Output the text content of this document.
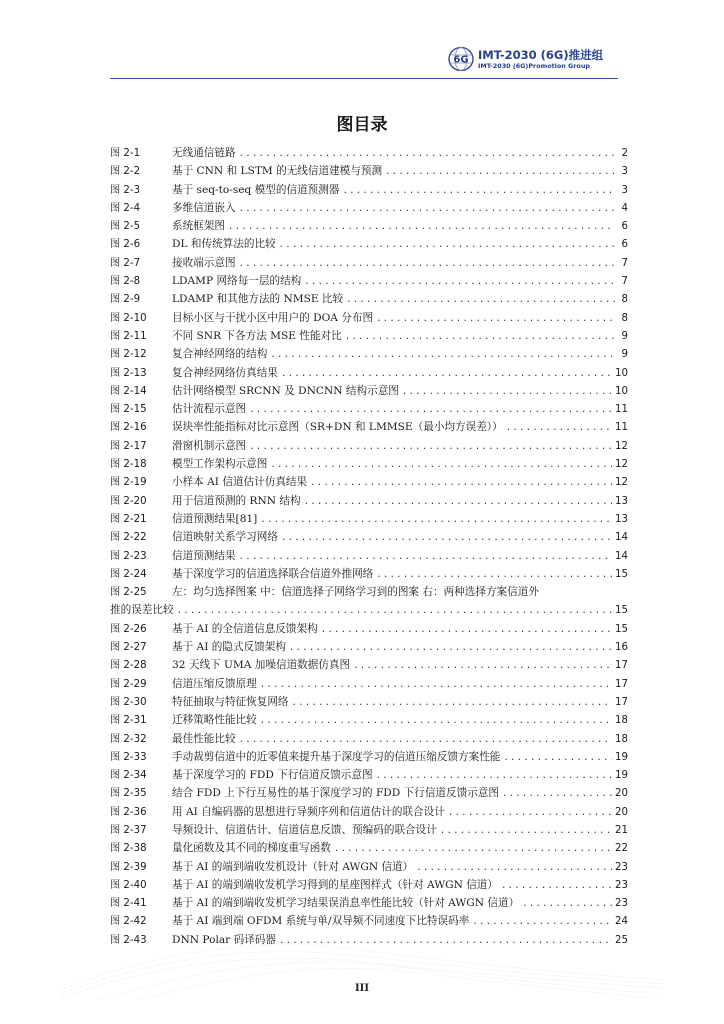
6G IMT-2030 (6G)推进组
IMT-2030 (6G)Promotion Group
图目录
图 2-1	无线通信链路 . . .	2
图 2-2	基于 CNN 和 LSTM 的无线信道建模与预测 . . .	3
图 2-3	基于 seq-to-seq 模型的信道预测器 . . .	3
图 2-4	多维信道嵌入 . . .	4
图 2-5	系统框架图 . . .	6
图 2-6	DL 和传统算法的比较 . . .	6
图 2-7	接收端示意图 . . .	7
图 2-8	LDAMP 网络每一层的结构 . . .	7
图 2-9	LDAMP 和其他方法的 NMSE 比较 . . .	8
图 2-10	目标小区与干扰小区中用户的 DOA 分布图 . . .	8
图 2-11	不同 SNR 下各方法 MSE 性能对比 . . .	9
图 2-12	复合神经网络的结构 . . .	9
图 2-13	复合神经网络仿真结果 . . .	10
图 2-14	估计网络模型 SRCNN 及 DNCNN 结构示意图 . . .	10
图 2-15	估计流程示意图 . . .	11
图 2-16	误块率性能指标对比示意图（SR+DN 和 LMMSE（最小均方误差）） . . .	11
图 2-17	滑窗机制示意图 . . .	12
图 2-18	模型工作架构示意图 . . .	12
图 2-19	小样本 AI 信道估计仿真结果 . . .	12
图 2-20	用于信道预测的 RNN 结构 . . .	13
图 2-21	信道预测结果[81] . . .	13
图 2-22	信道映射关系学习网络 . . .	14
图 2-23	信道预测结果 . . .	14
图 2-24	基于深度学习的信道选择联合信道外推网络 . . .	15
图 2-25	左：均匀选择图案 中：信道选择子网络学习到的图案 右：两种选择方案信道外
推的误差比较 . . .	15
图 2-26	基于 AI 的全信道信息反馈架构 . . .	15
图 2-27	基于 AI 的隐式反馈架构 . . .	16
图 2-28	32 天线下 UMA 加噪信道数据仿真图 . . .	17
图 2-29	信道压缩反馈原理 . . .	17
图 2-30	特征抽取与特征恢复网络 . . .	17
图 2-31	迁移策略性能比较 . . .	18
图 2-32	最佳性能比较 . . .	18
图 2-33	手动裁剪信道中的近零值来提升基于深度学习的信道压缩反馈方案性能 . . .	19
图 2-34	基于深度学习的 FDD 下行信道反馈示意图 . . .	19
图 2-35	结合 FDD 上下行互易性的基于深度学习的 FDD 下行信道反馈示意图 . . .	20
图 2-36	用 AI 自编码器的思想进行导频序列和信道估计的联合设计 . . .	20
图 2-37	导频设计、信道估计、信道信息反馈、预编码的联合设计 . . .	21
图 2-38	量化函数及其不同的梯度重写函数 . . .	22
图 2-39	基于 AI 的端到端收发机设计（针对 AWGN 信道） . . .	23
图 2-40	基于 AI 的端到端收发机学习得到的星座图样式（针对 AWGN 信道） . . .	23
图 2-41	基于 AI 的端到端收发机学习结果误消息率性能比较（针对 AWGN 信道） . . .	23
图 2-42	基于 AI 端到端 OFDM 系统与单/双导频不同速度下比特误码率 . . .	24
图 2-43	DNN Polar 码译码器 . . .	25
III
